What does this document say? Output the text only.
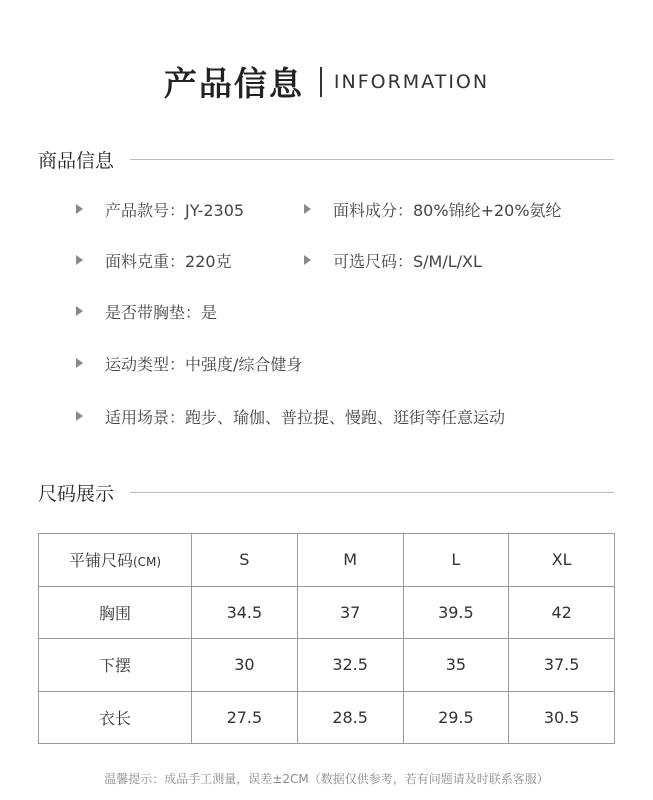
产品信息 INFORMATION
商品信息
产品款号：JY-2305	面料成分：80%锦纶+20%氨纶
面料克重：220克	可选尺码：S/M/L/XL
是否带胸垫：是
运动类型：中强度/综合健身
适用场景：跑步、瑜伽、普拉提、慢跑、逛街等任意运动
尺码展示
平铺尺码(CM)	S	M	L	XL
胸围	34.5	37	39.5	42
下摆	30	32.5	35	37.5
衣长	27.5	28.5	29.5	30.5
温馨提示：成品手工测量，误差±2CM（数据仅供参考，若有问题请及时联系客服）
